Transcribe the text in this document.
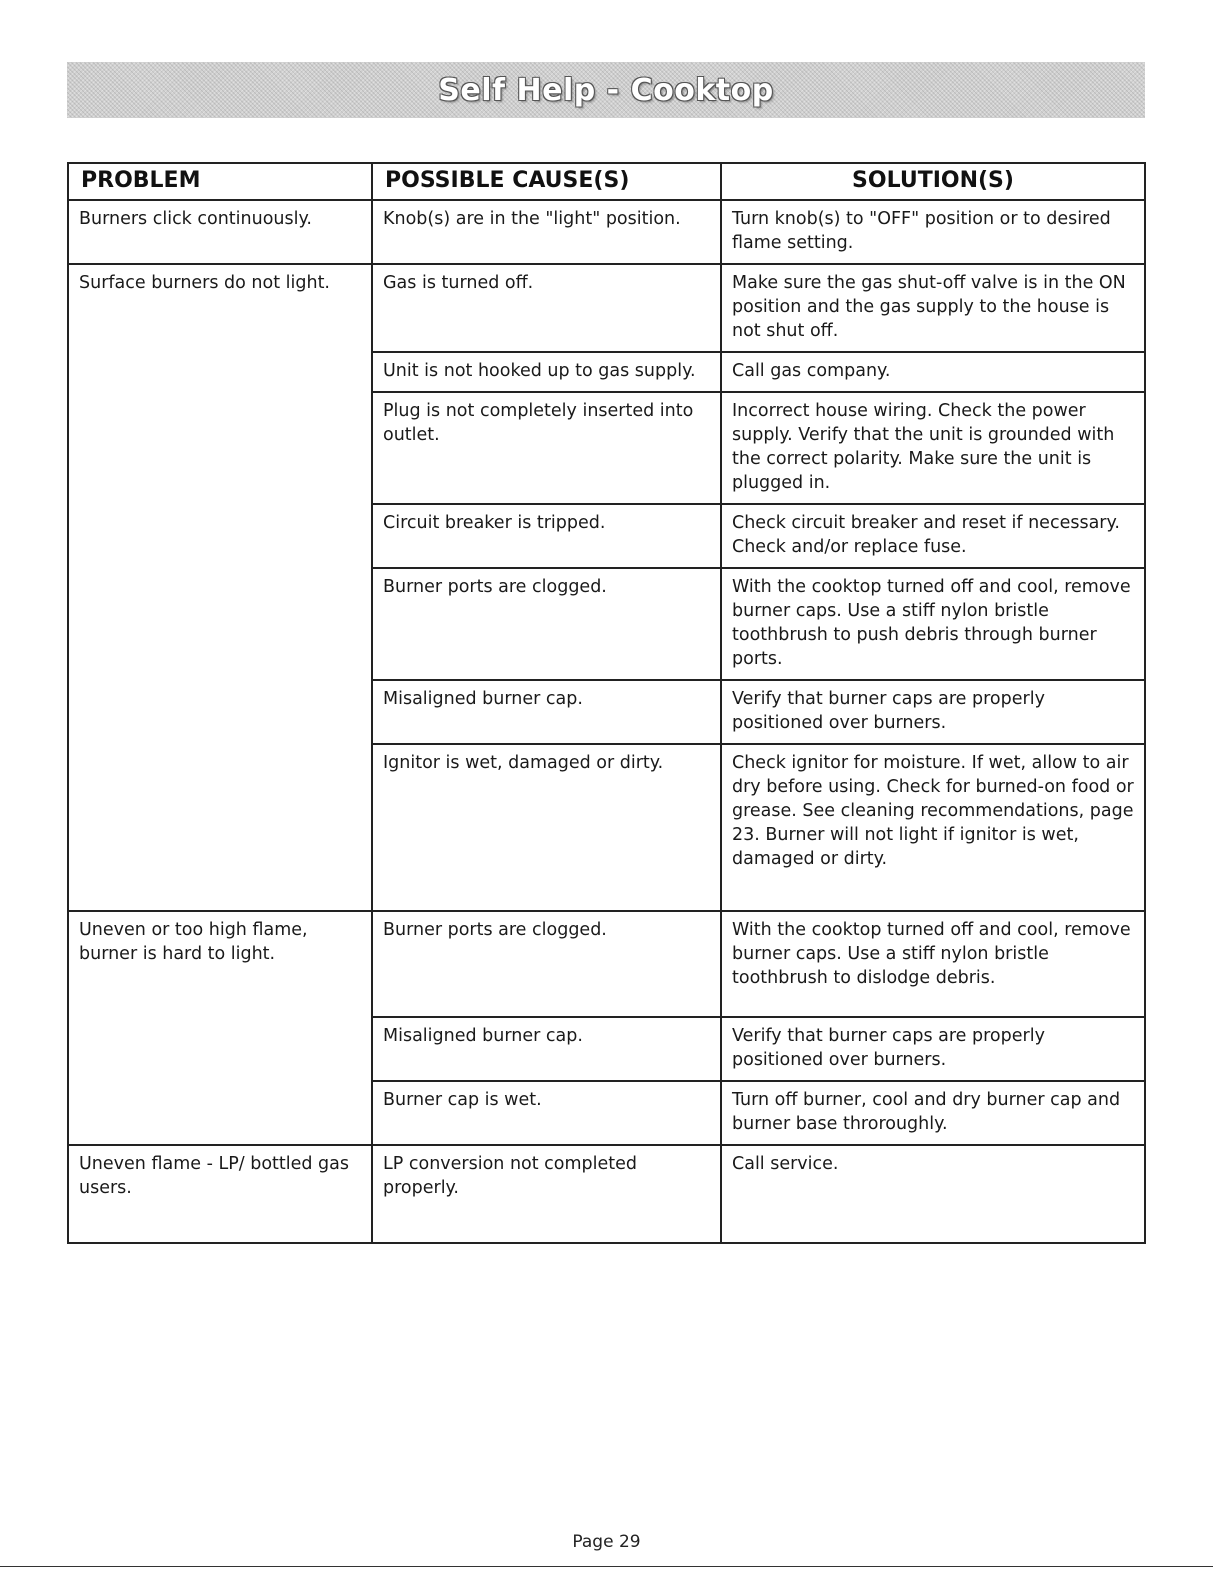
Self Help - Cooktop
PROBLEM	POSSIBLE CAUSE(S)	SOLUTION(S)
Burners click continuously.	Knob(s) are in the "light" position.	Turn knob(s) to "OFF" position or to desired flame setting.
Surface burners do not light.	Gas is turned off.	Make sure the gas shut-off valve is in the ON position and the gas supply to the house is not shut off.
	Unit is not hooked up to gas supply.	Call gas company.
	Plug is not completely inserted into outlet.	Incorrect house wiring. Check the power supply. Verify that the unit is grounded with the correct polarity. Make sure the unit is plugged in.
	Circuit breaker is tripped.	Check circuit breaker and reset if necessary. Check and/or replace fuse.
	Burner ports are clogged.	With the cooktop turned off and cool, remove burner caps. Use a stiff nylon bristle toothbrush to push debris through burner ports.
	Misaligned burner cap.	Verify that burner caps are properly positioned over burners.
	Ignitor is wet, damaged or dirty.	Check ignitor for moisture. If wet, allow to air dry before using. Check for burned-on food or grease. See cleaning recommendations, page 23. Burner will not light if ignitor is wet, damaged or dirty.
Uneven or too high flame, burner is hard to light.	Burner ports are clogged.	With the cooktop turned off and cool, remove burner caps. Use a stiff nylon bristle toothbrush to dislodge debris.
	Misaligned burner cap.	Verify that burner caps are properly positioned over burners.
	Burner cap is wet.	Turn off burner, cool and dry burner cap and burner base throroughly.
Uneven flame - LP/ bottled gas users.	LP conversion not completed properly.	Call service.
Page 29
